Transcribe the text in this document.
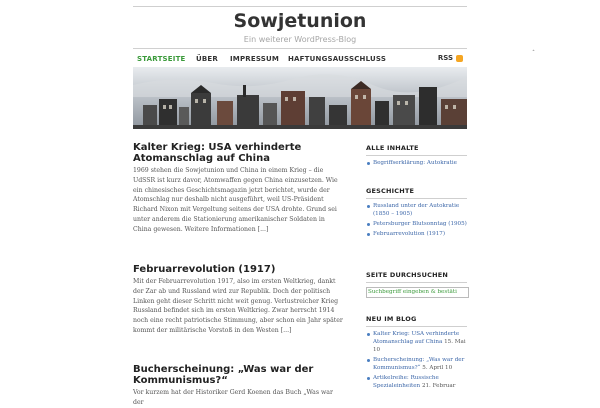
ˆ
Sowjetunion
Ein weiterer WordPress-Blog
STARTSEITE ÜBER IMPRESSUM HAFTUNGSAUSSCHLUSS	RSS
Kalter Krieg: USA verhinderte Atomanschlag auf China

1969 stehen die Sowjetunion und China in einem Krieg – die UdSSR ist kurz davor, Atomwaffen gegen China einzusetzen. Wie ein chinesisches Geschichtsmagazin jetzt berichtet, wurde der Atomschlag nur deshalb nicht ausgeführt, weil US-Präsident Richard Nixon mit Vergeltung seitens der USA drohte. Grund sei unter anderem die Stationierung amerikanischer Soldaten in China gewesen. Weitere Informationen [...]

Februarrevolution (1917)

Mit der Februarrevolution 1917, also im ersten Weltkrieg, dankt der Zar ab und Russland wird zur Republik. Doch der politisch Linken geht dieser Schritt nicht weit genug. Verlustreicher Krieg Russland befindet sich im ersten Weltkrieg. Zwar herrscht 1914 noch eine recht patriotische Stimmung, aber schon ein Jahr später kommt der militärische Vorstoß in den Westen [...]

Bucherscheinung: „Was war der Kommunismus?“

Vor kurzem hat der Historiker Gerd Koenen das Buch „Was war der

ALLE INHALTE
Begriffserklärung: Autokratie
GESCHICHTE
Russland unter der Autokratie (1850 – 1905)
Petersburger Blutsonntag (1905)
Februarrevolution (1917)
SEITE DURCHSUCHEN
Suchbegriff eingeben & bestäti
NEU IM BLOG
Kalter Krieg: USA verhinderte Atomanschlag auf China 15. Mai 10
Bucherscheinung: „Was war der Kommunismus?“ 5. April 10
Artikelreihe: Russische Spezialeinheiten 21. Februar
